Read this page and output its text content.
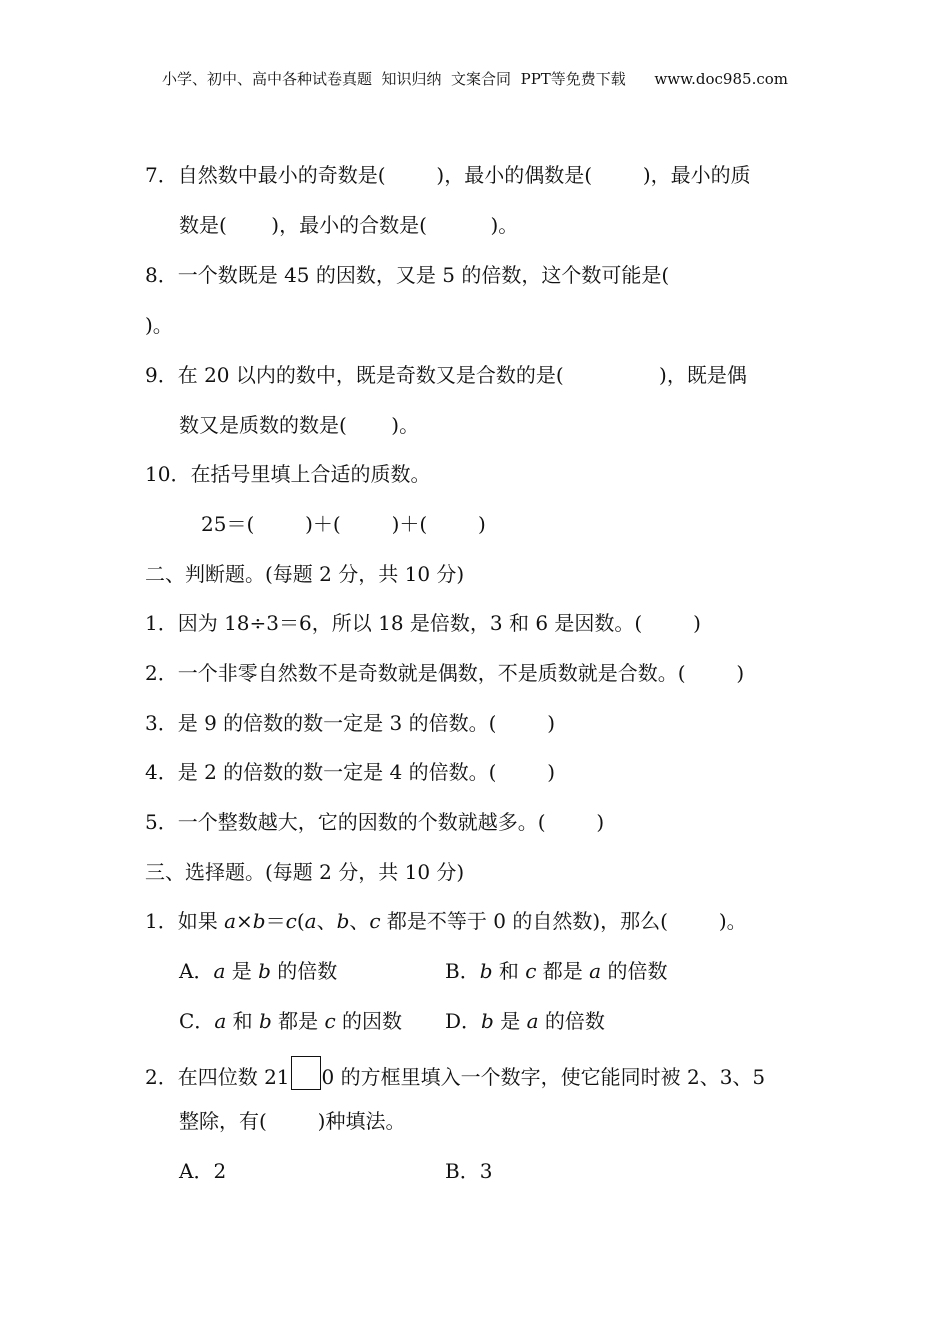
小学、初中、高中各种试卷真题  知识归纳  文案合同  PPT等免费下载      www.doc985.com
7．自然数中最小的奇数是(        )，最小的偶数是(        )，最小的质
数是(       )，最小的合数是(          )。
8．一个数既是 45 的因数，又是 5 的倍数，这个数可能是(
)。
9．在 20 以内的数中，既是奇数又是合数的是(               )，既是偶
数又是质数的数是(       )。
10．在括号里填上合适的质数。
25＝(        )＋(        )＋(        )
二、判断题。(每题 2 分，共 10 分)
1．因为 18÷3＝6，所以 18 是倍数，3 和 6 是因数。(        )
2．一个非零自然数不是奇数就是偶数，不是质数就是合数。(        )
3．是 9 的倍数的数一定是 3 的倍数。(        )
4．是 2 的倍数的数一定是 4 的倍数。(        )
5．一个整数越大，它的因数的个数就越多。(        )
三、选择题。(每题 2 分，共 10 分)
1．如果 a×b＝c(a、b、c 都是不等于 0 的自然数)，那么(        )。
A．a 是 b 的倍数	B．b 和 c 都是 a 的倍数
C．a 和 b 都是 c 的因数 D．b 是 a 的倍数
2．在四位数 21 0 的方框里填入一个数字，使它能同时被 2、3、5
整除，有(        )种填法。
A．2	B．3
